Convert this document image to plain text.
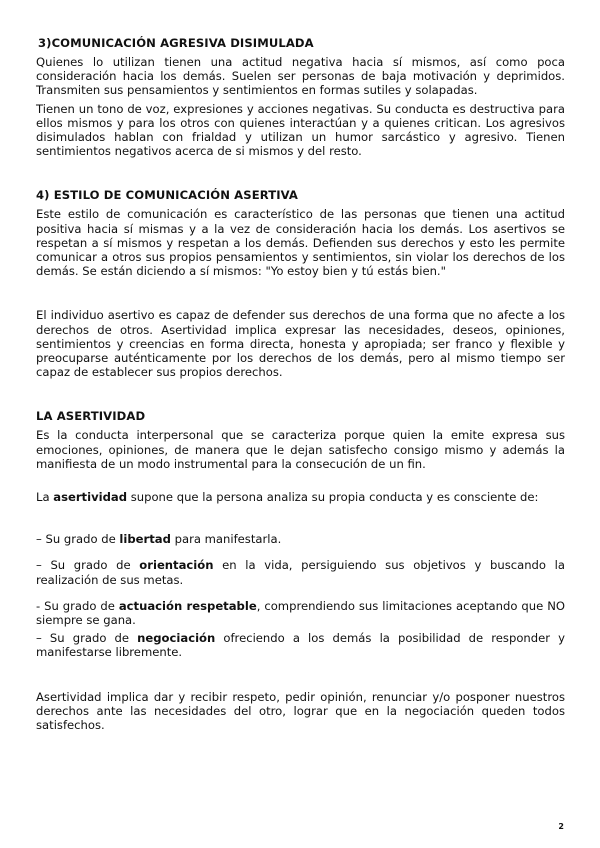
3)COMUNICACIÓN AGRESIVA DISIMULADA

Quienes lo utilizan tienen una actitud negativa hacia sí mismos, así como poca consideración hacia los demás. Suelen ser personas de baja motivación y deprimidos. Transmiten sus pensamientos y sentimientos en formas sutiles y solapadas.

Tienen un tono de voz, expresiones y acciones negativas. Su conducta es destructiva para ellos mismos y para los otros con quienes interactúan y a quienes critican. Los agresivos disimulados hablan con frialdad y utilizan un humor sarcástico y agresivo. Tienen sentimientos negativos acerca de si mismos y del resto.

4) ESTILO DE COMUNICACIÓN ASERTIVA

Este estilo de comunicación es característico de las personas que tienen una actitud positiva hacia sí mismas y a la vez de consideración hacia los demás. Los asertivos se respetan a sí mismos y respetan a los demás. Defienden sus derechos y esto les permite comunicar a otros sus propios pensamientos y sentimientos, sin violar los derechos de los demás. Se están diciendo a sí mismos: "Yo estoy bien y tú estás bien."

El individuo asertivo es capaz de defender sus derechos de una forma que no afecte a los derechos de otros. Asertividad implica expresar las necesidades, deseos, opiniones, sentimientos y creencias en forma directa, honesta y apropiada; ser franco y flexible y preocuparse auténticamente por los derechos de los demás, pero al mismo tiempo ser capaz de establecer sus propios derechos.

LA ASERTIVIDAD

Es la conducta interpersonal que se caracteriza porque quien la emite expresa sus emociones, opiniones, de manera que le dejan satisfecho consigo mismo y además la manifiesta de un modo instrumental para la consecución de un fin.

La asertividad supone que la persona analiza su propia conducta y es consciente de:

– Su grado de libertad para manifestarla.

– Su grado de orientación en la vida, persiguiendo sus objetivos y buscando la realización de sus metas.

- Su grado de actuación respetable, comprendiendo sus limitaciones aceptando que NO siempre se gana.

– Su grado de negociación ofreciendo a los demás la posibilidad de responder y manifestarse libremente.

Asertividad implica dar y recibir respeto, pedir opinión, renunciar y/o posponer nuestros derechos ante las necesidades del otro, lograr que en la negociación queden todos satisfechos.

2
